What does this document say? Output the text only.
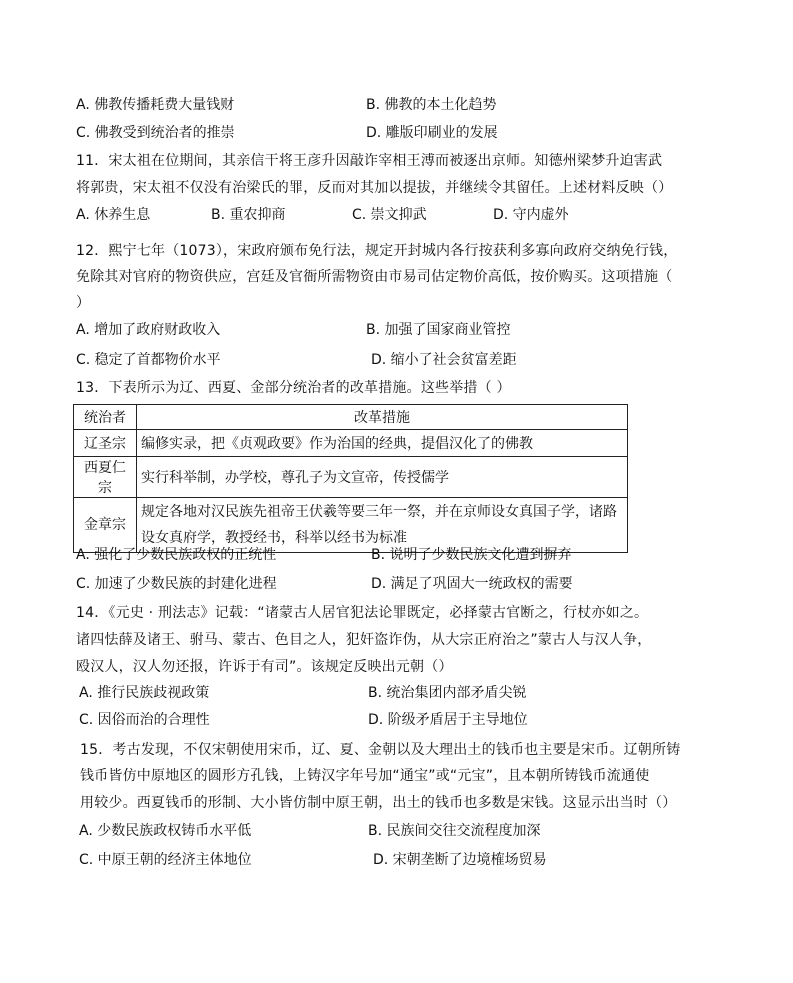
A. 佛教传播耗费大量钱财	B. 佛教的本土化趋势
C. 佛教受到统治者的推崇	D. 雕版印刷业的发展
11．宋太祖在位期间，其亲信干将王彦升因敲诈宰相王溥而被逐出京师。知德州梁梦升迫害武
将郭贵，宋太祖不仅没有治梁氏的罪，反而对其加以提拔，并继续令其留任。上述材料反映（）
A. 休养生息	B. 重农抑商	C. 崇文抑武	D. 守内虚外
12．熙宁七年（1073），宋政府颁布免行法，规定开封城内各行按获利多寡向政府交纳免行钱，
免除其对官府的物资供应，宫廷及官衙所需物资由市易司估定物价高低，按价购买。这项措施（
）
A. 增加了政府财政收入	B. 加强了国家商业管控
C. 稳定了首都物价水平	D. 缩小了社会贫富差距
13．下表所示为辽、西夏、金部分统治者的改革措施。这些举措（ ）
统治者	改革措施
辽圣宗	编修实录，把《贞观政要》作为治国的经典，提倡汉化了的佛教
西夏仁宗	实行科举制，办学校，尊孔子为文宣帝，传授儒学
金章宗	规定各地对汉民族先祖帝王伏羲等要三年一祭，并在京师设女真国子学，诸路
设女真府学，教授经书，科举以经书为标准
A. 强化了少数民族政权的正统性	B. 说明了少数民族文化遭到摒弃
C. 加速了少数民族的封建化进程	D. 满足了巩固大一统政权的需要
14．《元史 · 刑法志》记载：“诸蒙古人居官犯法论罪既定，必择蒙古官断之，行杖亦如之。
诸四怯薛及诸王、驸马、蒙古、色目之人，犯奸盗诈伪，从大宗正府治之”蒙古人与汉人争，
殴汉人，汉人勿还报，许诉于有司”。该规定反映出元朝（）
A. 推行民族歧视政策	B. 统治集团内部矛盾尖锐
C. 因俗而治的合理性	D. 阶级矛盾居于主导地位
15．考古发现，不仅宋朝使用宋币，辽、夏、金朝以及大理出土的钱币也主要是宋币。辽朝所铸
钱币皆仿中原地区的圆形方孔钱，上铸汉字年号加“通宝”或“元宝”，且本朝所铸钱币流通使
用较少。西夏钱币的形制、大小皆仿制中原王朝，出土的钱币也多数是宋钱。这显示出当时（）
A. 少数民族政权铸币水平低	B. 民族间交往交流程度加深
C. 中原王朝的经济主体地位	D. 宋朝垄断了边境榷场贸易
